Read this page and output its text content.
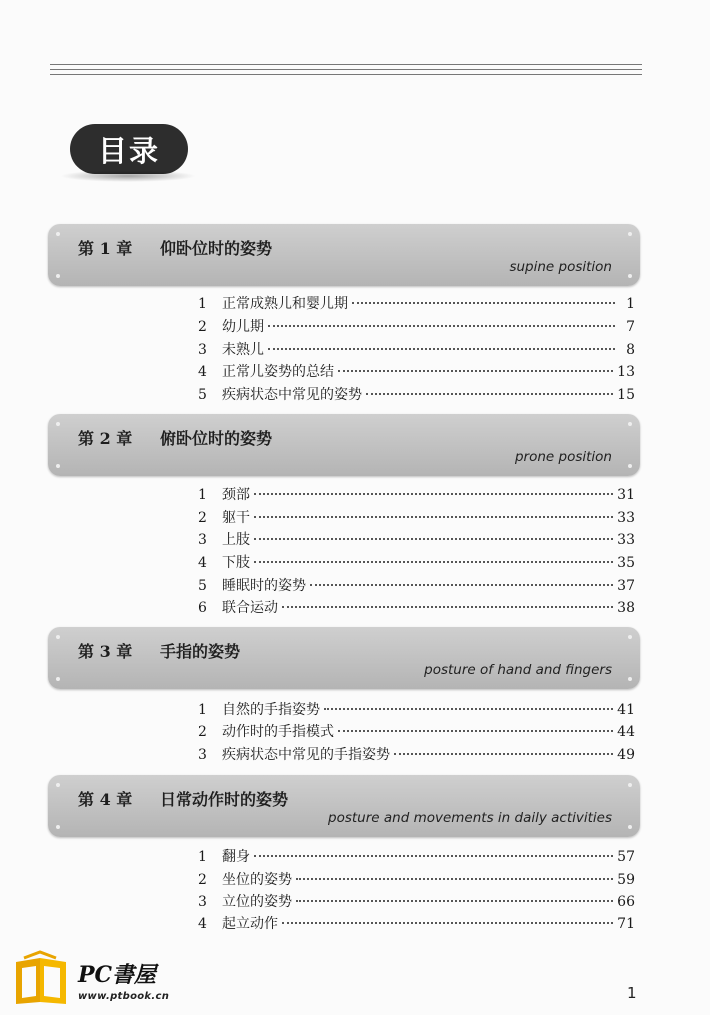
目录
第 1 章 仰卧位时的姿势
supine position
1	正常成熟儿和婴儿期	1
2	幼儿期	7
3	未熟儿	8
4	正常儿姿势的总结	13
5	疾病状态中常见的姿势	15
第 2 章 俯卧位时的姿势
prone position
1	颈部	31
2	躯干	33
3	上肢	33
4	下肢	35
5	睡眠时的姿势	37
6	联合运动	38
第 3 章 手指的姿势
posture of hand and fingers
1	自然的手指姿势	41
2	动作时的手指模式	44
3	疾病状态中常见的手指姿势	49
第 4 章 日常动作时的姿势
posture and movements in daily activities
1	翻身	57
2	坐位的姿势	59
3	立位的姿势	66
4	起立动作	71
PC書屋
www.ptbook.cn	1
